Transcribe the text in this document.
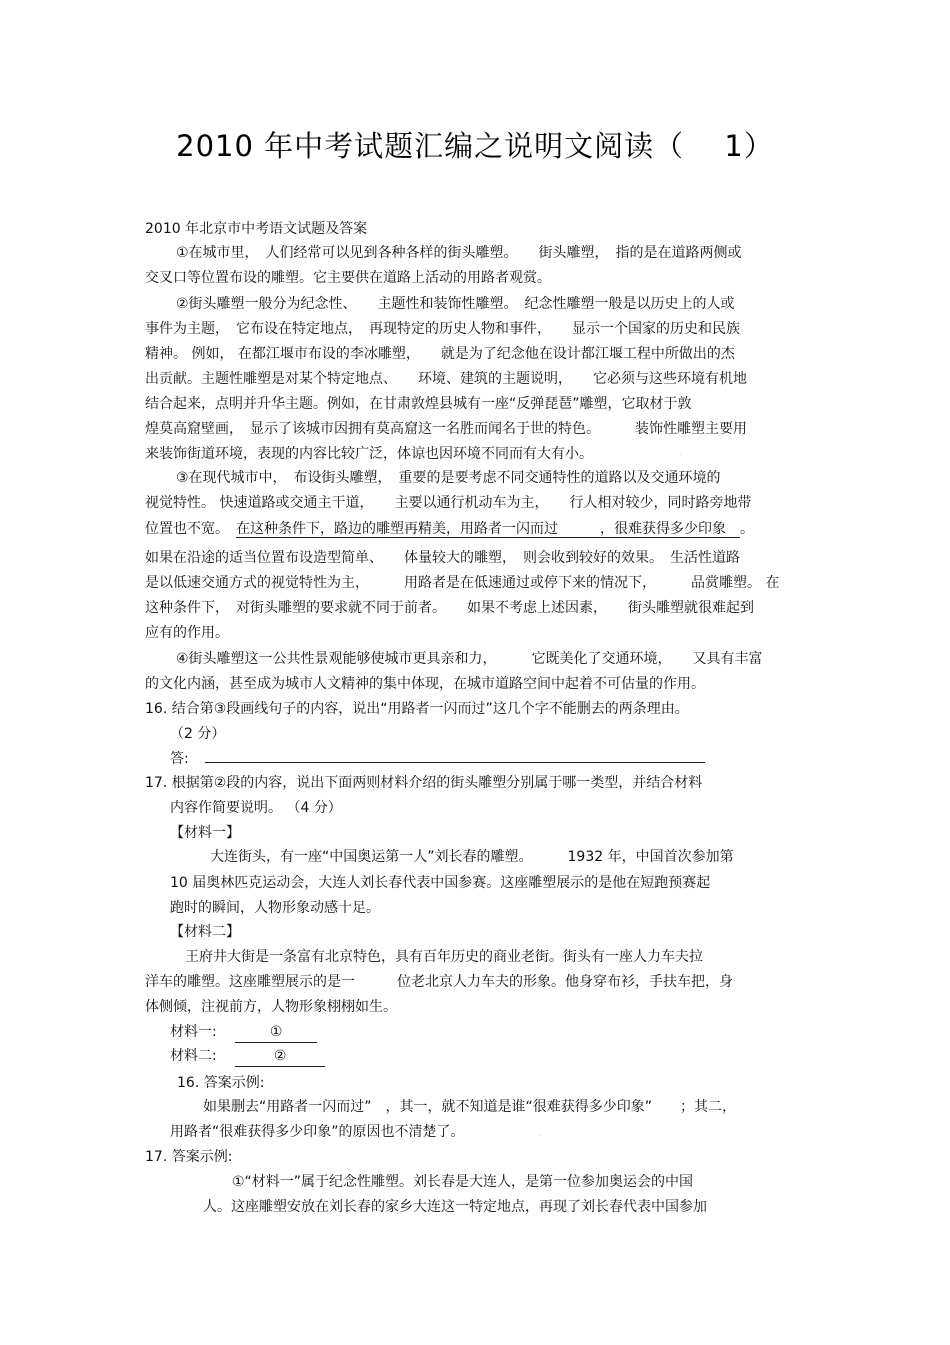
2010 年中考试题汇编之说明文阅读（　 1）
2010 年北京市中考语文试题及答案
①在城市里，　人们经常可以见到各种各样的街头雕塑。　　街头雕塑，　指的是在道路两侧或
交叉口等位置布设的雕塑。它主要供在道路上活动的用路者观赏。
②街头雕塑一般分为纪念性、　　主题性和装饰性雕塑。　纪念性雕塑一般是以历史上的人或
事件为主题，　它布设在特定地点，　再现特定的历史人物和事件，　　显示一个国家的历史和民族
精神。 例如， 在都江堰市布设的李冰雕塑，　　就是为了纪念他在设计都江堰工程中所做出的杰
出贡献。主题性雕塑是对某个特定地点、　　环境、建筑的主题说明，　　它必须与这些环境有机地
结合起来，点明并升华主题。例如，在甘肃敦煌县城有一座“反弹琵琶”雕塑，它取材于敦
煌莫高窟壁画，　显示了该城市因拥有莫高窟这一名胜而闻名于世的特色。　　　装饰性雕塑主要用
来装饰街道环境，表现的内容比较广泛，体谅也因环境不同而有大有小。	·
③在现代城市中，　布设街头雕塑，　重要的是要考虑不同交通特性的道路以及交通环境的
视觉特性。 快速道路或交通主干道，　　主要以通行机动车为主，　　行人相对较少，同时路旁地带
位置也不宽。　在这种条件下，路边的雕塑再精美，用路者一闪而过　　　，很难获得多少印象　。
如果在沿途的适当位置布设造型简单、　　体量较大的雕塑，　则会收到较好的效果。　生活性道路
是以低速交通方式的视觉特性为主，　　　用路者是在低速通过或停下来的情况下，　　　品赏雕塑。 在
这种条件下，　对街头雕塑的要求就不同于前者。　　如果不考虑上述因素，　　街头雕塑就很难起到
应有的作用。
④街头雕塑这一公共性景观能够使城市更具亲和力，　　　它既美化了交通环境，　　又具有丰富
的文化内涵，甚至成为城市人文精神的集中体现，在城市道路空间中起着不可估量的作用。
16. 结合第③段画线句子的内容，说出“用路者一闪而过”这几个字不能删去的两条理由。
（2 分）
答:
17. 根据第②段的内容，说出下面两则材料介绍的街头雕塑分别属于哪一类型，并结合材料
内容作简要说明。 （4 分）
【材料一】
大连街头，有一座“中国奥运第一人”刘长春的雕塑。　　　1932 年，中国首次参加第
10 届奥林匹克运动会，大连人刘长春代表中国参赛。这座雕塑展示的是他在短跑预赛起
跑时的瞬间，人物形象动感十足。
【材料二】
王府井大街是一条富有北京特色，具有百年历史的商业老街。街头有一座人力车夫拉
洋车的雕塑。这座雕塑展示的是一　　　位老北京人力车夫的形象。他身穿布衫，手扶车把，身
体侧倾，注视前方，人物形象栩栩如生。
材料一:	①
材料二:	②
16. 答案示例:
如果删去“用路者一闪而过”　，其一，就不知道是谁“很难获得多少印象”　　；其二，
用路者“很难获得多少印象”的原因也不清楚了。	·
17. 答案示例:
①“材料一”属于纪念性雕塑。刘长春是大连人，是第一位参加奥运会的中国
人。这座雕塑安放在刘长春的家乡大连这一特定地点，再现了刘长春代表中国参加
